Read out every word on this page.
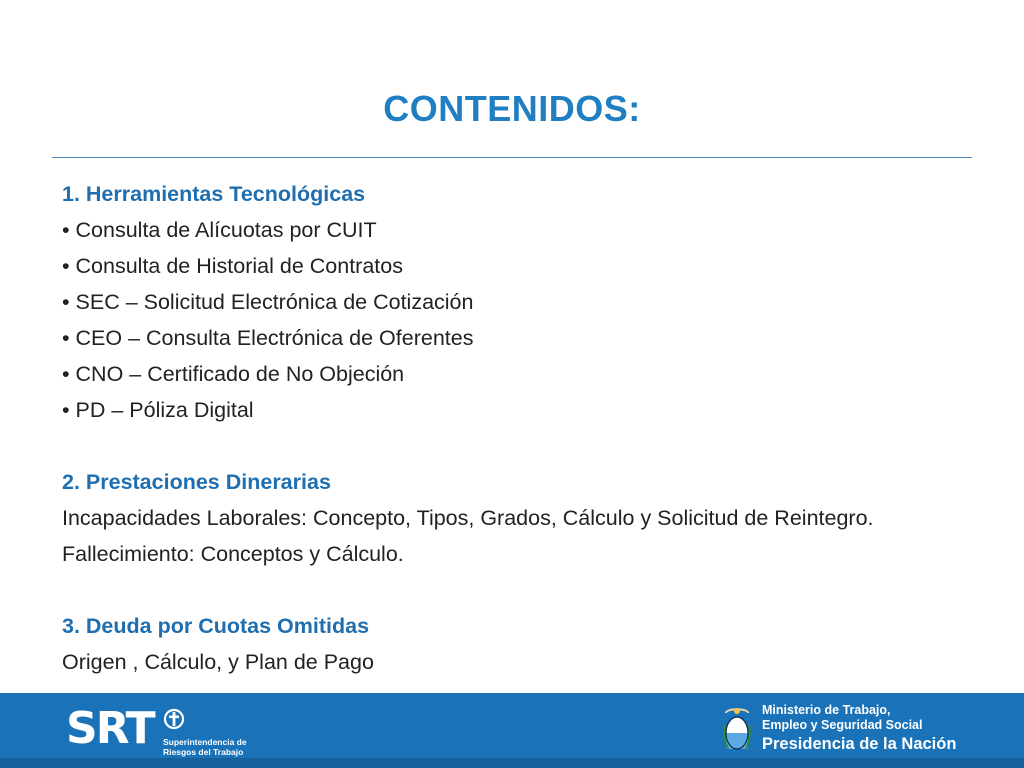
CONTENIDOS:
1. Herramientas Tecnológicas
• Consulta de Alícuotas por CUIT
• Consulta de Historial de Contratos
• SEC – Solicitud Electrónica de Cotización
• CEO – Consulta Electrónica de Oferentes
• CNO – Certificado de No Objeción
• PD – Póliza Digital
2. Prestaciones Dinerarias
Incapacidades Laborales: Concepto, Tipos, Grados, Cálculo y Solicitud de Reintegro.
Fallecimiento: Conceptos y Cálculo.
3. Deuda por Cuotas Omitidas
Origen , Cálculo, y Plan de Pago
SRT Superintendencia de
Riesgos del Trabajo
Ministerio de Trabajo,
Empleo y Seguridad Social
Presidencia de la Nación
